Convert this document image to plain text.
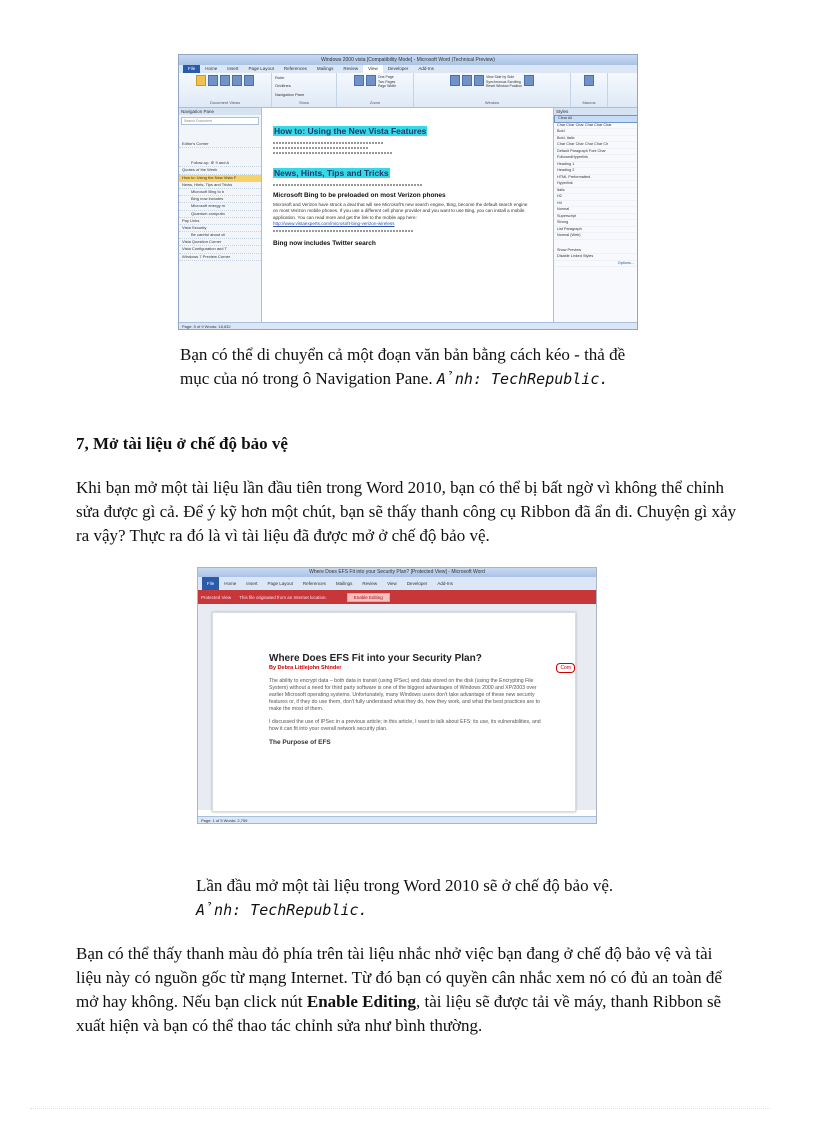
Windows 2000 vista [Compatibility Mode] - Microsoft Word (Technical Preview)
File	Home	Insert	Page Layout	References	Mailings	Review	View	Developer	Add-Ins
Document Views
Ruler
Gridlines
Navigation Pane
Show
One Page
Two Pages
Page Width
Zoom
View Side by Side
Synchronous Scrolling
Reset Window Position
Window	Macros
Navigation Pane
Search Document
Editor's Corner
Follow-up: IE 9 and A
Quotes of the Week
How to: Using the New Vista F
News, Hints, Tips and Tricks
Microsoft Bing to b
Bing now includes
Microsoft energy m
Quantum computin
Pay Links
Vista Security
Be careful about cli
Vista Question Corner
Vista Configuration and T
Windows 7 Preview Corner
How to: Using the New Vista Features
News, Hints, Tips and Tricks
Microsoft Bing to be preloaded on most Verizon phones
Microsoft and Verizon have struck a deal that will see Microsoft's new search engine, Bing, become the default search engine on most Verizon mobile phones. If you use a different cell phone provider and you want to use Bing, you can install a mobile application. You can read more and get the link to the mobile app here:
http://www.vistaexperts.com/microsoft-bing-verizon-wireless
Bing now includes Twitter search
Styles
Clear All
Char Char Char Char Char Char
Bold
Bold, Italic
Char Char Char Char Char Ch
Default Paragraph Font Char
FollowedHyperlink
Heading 1
Heading 2
HTML Preformatted
Hyperlink
Italic
H2
H4
Normal
Superscript
Strong
List Paragraph
Normal (Web)
Show Preview
Disable Linked Styles
Options...
Page: 5 of 9 Words: 18,632
Bạn có thể di chuyển cả một đoạn văn bản bằng cách kéo - thả đề mục của nó trong ô Navigation Pane. Ảnh: TechRepublic.
7, Mở tài liệu ở chế độ bảo vệ
Khi bạn mở một tài liệu lần đầu tiên trong Word 2010, bạn có thể bị bất ngờ vì không thể chỉnh sửa được gì cả. Để ý kỹ hơn một chút, bạn sẽ thấy thanh công cụ Ribbon đã ẩn đi. Chuyện gì xảy ra vậy? Thực ra đó là vì tài liệu đã được mở ở chế độ bảo vệ.
Where Does EFS Fit into your Security Plan? [Protected View] - Microsoft Word
File	Home	Insert	Page Layout	References	Mailings	Review	View	Developer	Add-Ins
Protected View This file originated from an Internet location.	Enable Editing
Where Does EFS Fit into your Security Plan?
By Debra Littlejohn Shinder
The ability to encrypt data – both data in transit (using IPSec) and data stored on the disk (using the Encrypting File System) without a need for third party software is one of the biggest advantages of Windows 2000 and XP/2003 over earlier Microsoft operating systems. Unfortunately, many Windows users don't take advantage of these new security features or, if they do use them, don't fully understand what they do, how they work, and what the best practices are to make the most of them.
I discussed the use of IPSec in a previous article; in this article, I want to talk about EFS: its use, its vulnerabilities, and how it can fit into your overall network security plan.
The Purpose of EFS
Com
Page: 1 of 5 Words: 2,759
Lần đầu mở một tài liệu trong Word 2010 sẽ ở chế độ bảo vệ. Ảnh: TechRepublic.
Bạn có thể thấy thanh màu đỏ phía trên tài liệu nhắc nhở việc bạn đang ở chế độ bảo vệ và tài liệu này có nguồn gốc từ mạng Internet. Từ đó bạn có quyền cân nhắc xem nó có đủ an toàn để mở hay không. Nếu bạn click nút Enable Editing, tài liệu sẽ được tải về máy, thanh Ribbon sẽ xuất hiện và bạn có thể thao tác chỉnh sửa như bình thường.
